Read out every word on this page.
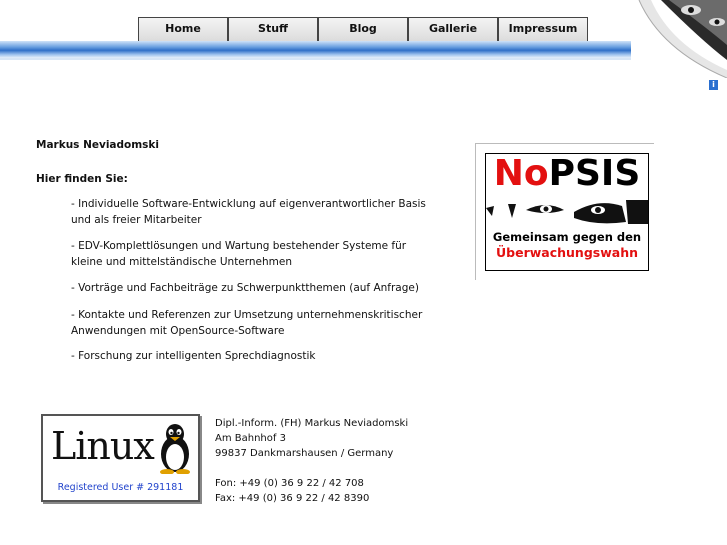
Home	Stuff	Blog	Gallerie	Impressum
i
Markus Neviadomski
Hier finden Sie:
- Individuelle Software-Entwicklung auf eigenverantwortlicher Basis und als freier Mitarbeiter
- EDV-Komplettlösungen und Wartung bestehender Systeme für kleine und mittelständische Unternehmen
- Vorträge und Fachbeiträge zu Schwerpunktthemen (auf Anfrage)
- Kontakte und Referenzen zur Umsetzung unternehmenskritischer Anwendungen mit OpenSource-Software
- Forschung zur intelligenten Sprechdiagnostik
NoPSIS
Gemeinsam gegen den
Überwachungswahn
Linux
Registered User # 291181

Dipl.-Inform. (FH) Markus Neviadomski

Am Bahnhof 3

99837 Dankmarshausen / Germany

Fon: +49 (0) 36 9 22 / 42 708

Fax: +49 (0) 36 9 22 / 42 8390
